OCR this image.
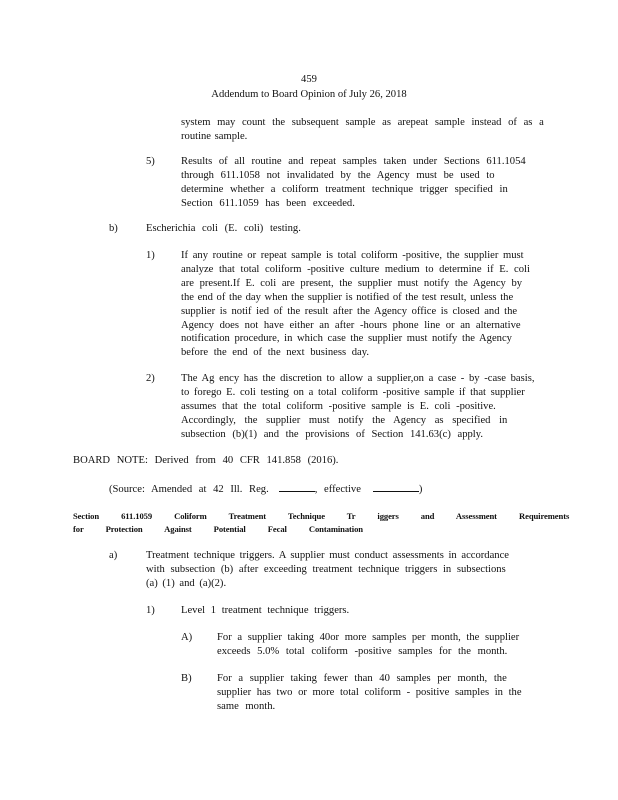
459

Addendum to Board Opinion of July 26, 2018

system may count the subsequent sample as arepeat sample instead of as a
routine sample.
5) Results of all routine and repeat samples taken under Sections 611.1054
through 611.1058 not invalidated by the Agency must be used to
determine whether a coliform treatment technique trigger specified in
Section 611.1059 has been exceeded.
b)	Escherichia coli (E. coli) testing.
1) If any routine or repeat sample is total coliform -positive, the supplier must
analyze that total coliform -positive culture medium to determine if E. coli
are present.If E. coli are present, the supplier must notify the Agency by
the end of the day when the supplier is notified of the test result, unless the
supplier is notif ied of the result after the Agency office is closed and the
Agency does not have either an after -hours phone line or an alternative
notification procedure, in which case the supplier must notify the Agency
before the end of the next business day.
2) The Ag ency has the discretion to allow a supplier,on a case - by -case basis,
to forego E. coli testing on a total coliform -positive sample if that supplier
assumes that the total coliform -positive sample is E. coli -positive.
Accordingly, the supplier must notify the Agency as specified in
subsection (b)(1) and the provisions of Section 141.63(c) apply.
BOARD NOTE: Derived from 40 CFR 141.858 (2016).
(Source: Amended at 42 Ill. Reg.	, effective	)
Section 611.1059 Coliform Treatment Technique Tr iggers and Assessment Requirements
for Protection Against Potential Fecal Contamination
a)	Treatment technique triggers. A supplier must conduct assessments in accordance
with subsection (b) after exceeding treatment technique triggers in subsections
(a) (1) and (a)(2).
1) Level 1 treatment technique triggers.
A) For a supplier taking 40or more samples per month, the supplier
exceeds 5.0% total coliform -positive samples for the month.
B) For a supplier taking fewer than 40 samples per month, the
supplier has two or more total coliform - positive samples in the
same month.
